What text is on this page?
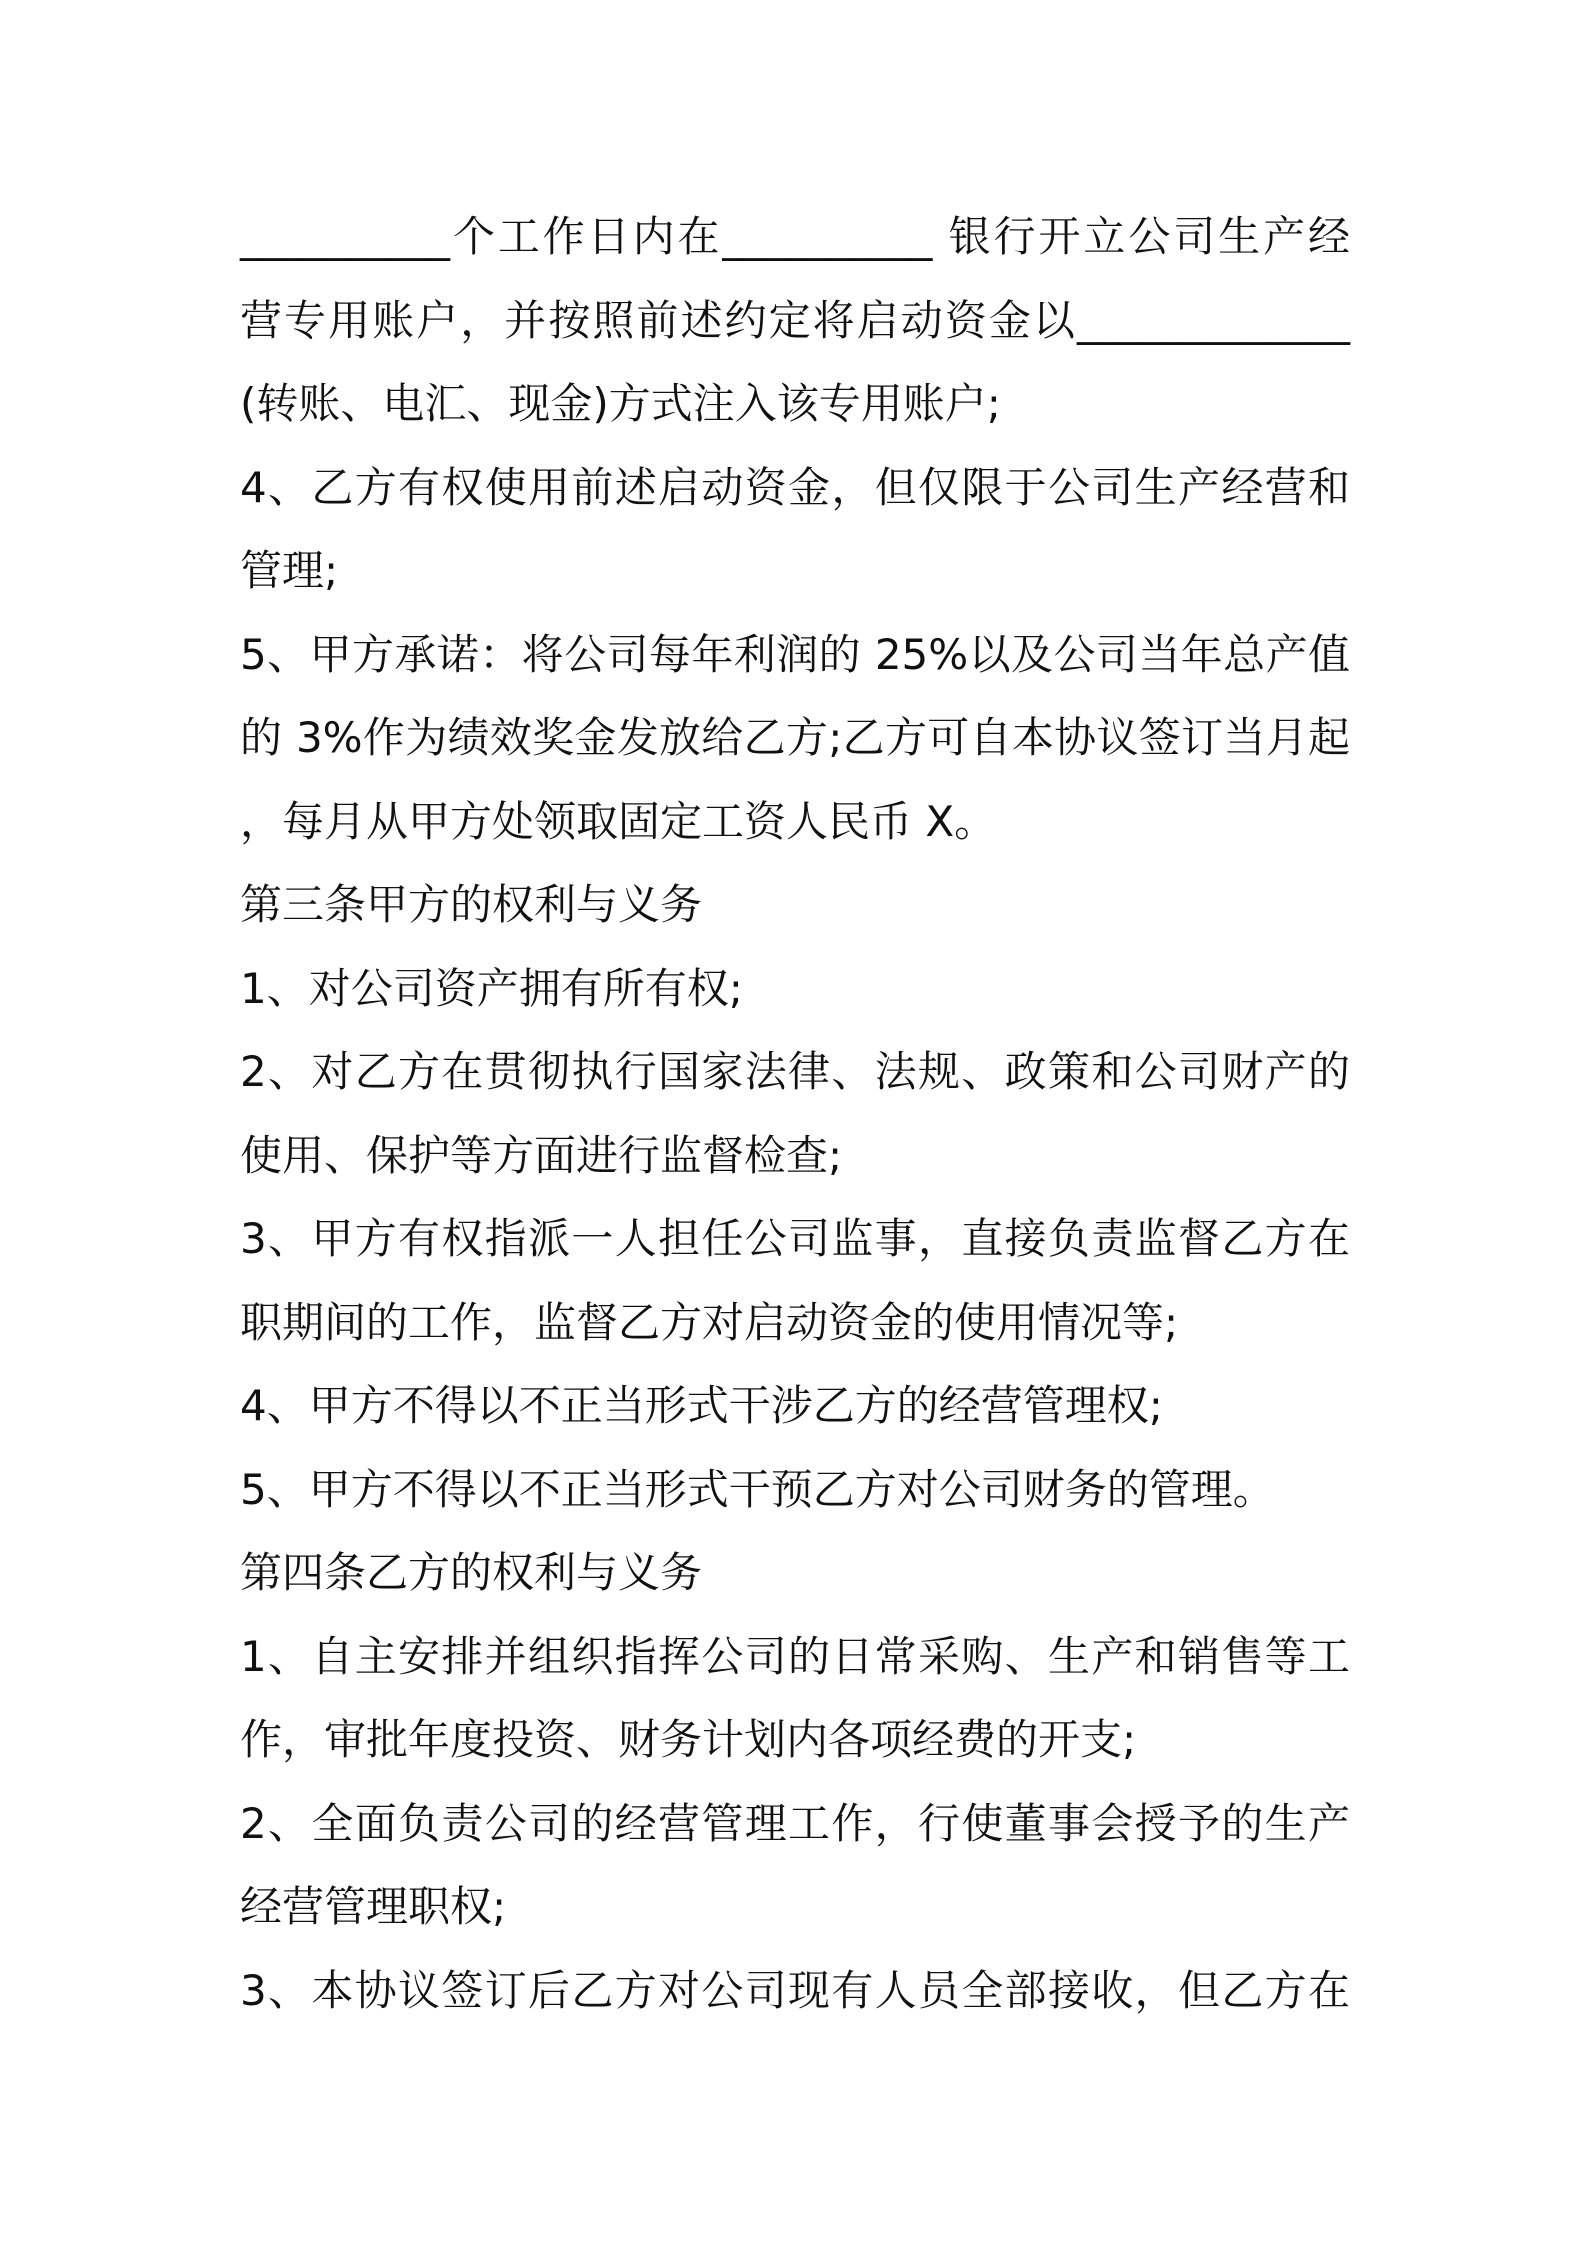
__________个工作日内在__________ 银行开立公司生产经
营专用账户，并按照前述约定将启动资金以_____________
(转账、电汇、现金)方式注入该专用账户;
4、乙方有权使用前述启动资金，但仅限于公司生产经营和
管理;
5、甲方承诺：将公司每年利润的 25%以及公司当年总产值
的 3%作为绩效奖金发放给乙方;乙方可自本协议签订当月起
，每月从甲方处领取固定工资人民币 X。
第三条甲方的权利与义务
1、对公司资产拥有所有权;
2、对乙方在贯彻执行国家法律、法规、政策和公司财产的
使用、保护等方面进行监督检查;
3、甲方有权指派一人担任公司监事，直接负责监督乙方在
职期间的工作，监督乙方对启动资金的使用情况等;
4、甲方不得以不正当形式干涉乙方的经营管理权;
5、甲方不得以不正当形式干预乙方对公司财务的管理。
第四条乙方的权利与义务
1、自主安排并组织指挥公司的日常采购、生产和销售等工
作，审批年度投资、财务计划内各项经费的开支;
2、全面负责公司的经营管理工作，行使董事会授予的生产
经营管理职权;
3、本协议签订后乙方对公司现有人员全部接收，但乙方在
